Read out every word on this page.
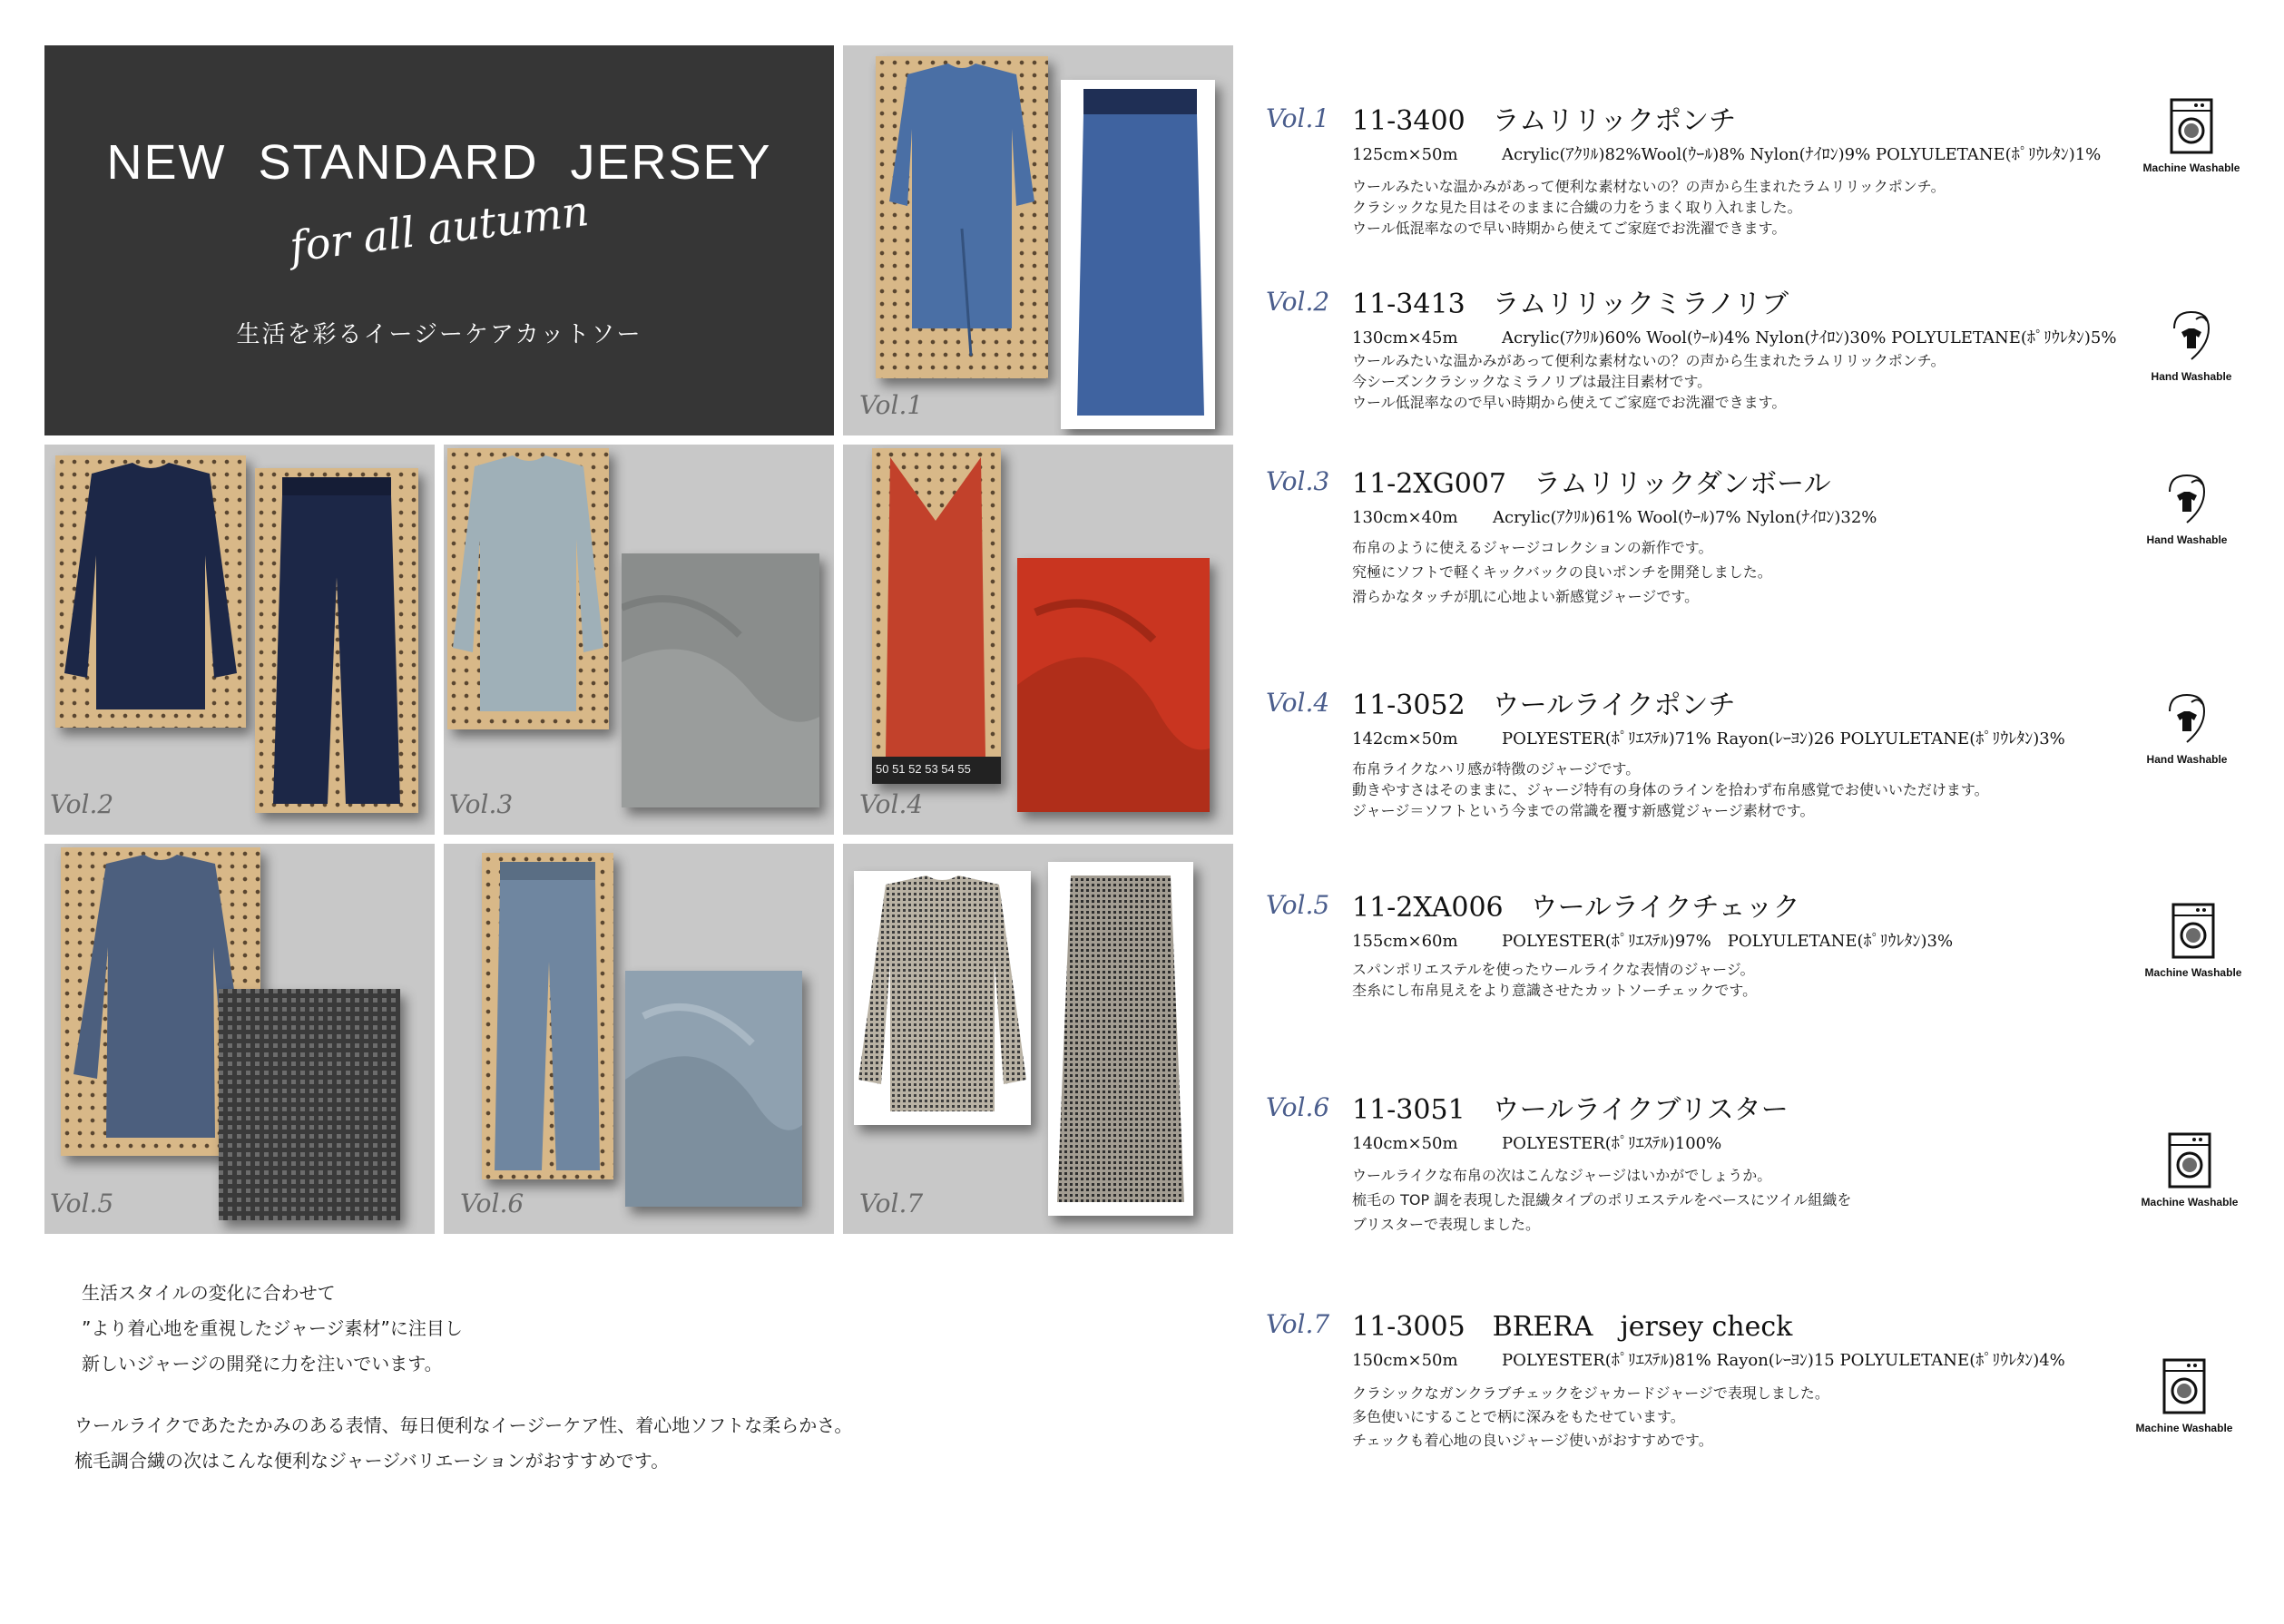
NEW STANDARD JERSEY
for all autumn
生活を彩るイージーケアカットソー
Vol.1
Vol.2	Vol.3
50 51 52 53 54 55
Vol.4
Vol.5	Vol.6	Vol.7
生活スタイルの変化に合わせて
”より着心地を重視したジャージ素材”に注目し
新しいジャージの開発に力を注いでいます。
ウールライクであたたかみのある表情、毎日便利なイージーケア性、着心地ソフトな柔らかさ。
梳毛調合繊の次はこんな便利なジャージバリエーションがおすすめです。
Vol.1 11-3400　ラムリリックポンチ
125cm×50m	Acrylic(ｱｸﾘﾙ)82%Wool(ｳｰﾙ)8% Nylon(ﾅｲﾛﾝ)9% POLYULETANE(ﾎﾟﾘｳﾚﾀﾝ)1%
ウールみたいな温かみがあって便利な素材ないの？の声から生まれたラムリリックポンチ。
クラシックな見た目はそのままに合繊の力をうまく取り入れました。
ウール低混率なので早い時期から使えてご家庭でお洗濯できます。
Machine Washable
Vol.2 11-3413　ラムリリックミラノリブ
130cm×45m	Acrylic(ｱｸﾘﾙ)60% Wool(ｳｰﾙ)4% Nylon(ﾅｲﾛﾝ)30% POLYULETANE(ﾎﾟﾘｳﾚﾀﾝ)5%
ウールみたいな温かみがあって便利な素材ないの？の声から生まれたラムリリックポンチ。
今シーズンクラシックなミラノリブは最注目素材です。
ウール低混率なので早い時期から使えてご家庭でお洗濯できます。
Hand Washable
Vol.3 11-2XG007　ラムリリックダンボール
130cm×40m Acrylic(ｱｸﾘﾙ)61% Wool(ｳｰﾙ)7% Nylon(ﾅｲﾛﾝ)32%
布帛のように使えるジャージコレクションの新作です。
究極にソフトで軽くキックバックの良いポンチを開発しました。
滑らかなタッチが肌に心地よい新感覚ジャージです。
Hand Washable
Vol.4 11-3052　ウールライクポンチ
142cm×50m	POLYESTER(ﾎﾟﾘｴｽﾃﾙ)71% Rayon(ﾚｰﾖﾝ)26 POLYULETANE(ﾎﾟﾘｳﾚﾀﾝ)3%
布帛ライクなハリ感が特徴のジャージです。
動きやすさはそのままに、ジャージ特有の身体のラインを拾わず布帛感覚でお使いいただけます。
ジャージ＝ソフトという今までの常識を覆す新感覚ジャージ素材です。
Hand Washable
Vol.5 11-2XA006　ウールライクチェック
155cm×60m	POLYESTER(ﾎﾟﾘｴｽﾃﾙ)97%　POLYULETANE(ﾎﾟﾘｳﾚﾀﾝ)3%
スパンポリエステルを使ったウールライクな表情のジャージ。
杢糸にし布帛見えをより意識させたカットソーチェックです。
Machine Washable
Vol.6 11-3051　ウールライクブリスター
140cm×50m	POLYESTER(ﾎﾟﾘｴｽﾃﾙ)100%
ウールライクな布帛の次はこんなジャージはいかがでしょうか。
梳毛の TOP 調を表現した混繊タイプのポリエステルをベースにツイル組織を
ブリスターで表現しました。
Machine Washable
Vol.7 11-3005　BRERA　jersey check
150cm×50m	POLYESTER(ﾎﾟﾘｴｽﾃﾙ)81% Rayon(ﾚｰﾖﾝ)15 POLYULETANE(ﾎﾟﾘｳﾚﾀﾝ)4%
クラシックなガンクラブチェックをジャカードジャージで表現しました。
多色使いにすることで柄に深みをもたせています。
チェックも着心地の良いジャージ使いがおすすめです。
Machine Washable
